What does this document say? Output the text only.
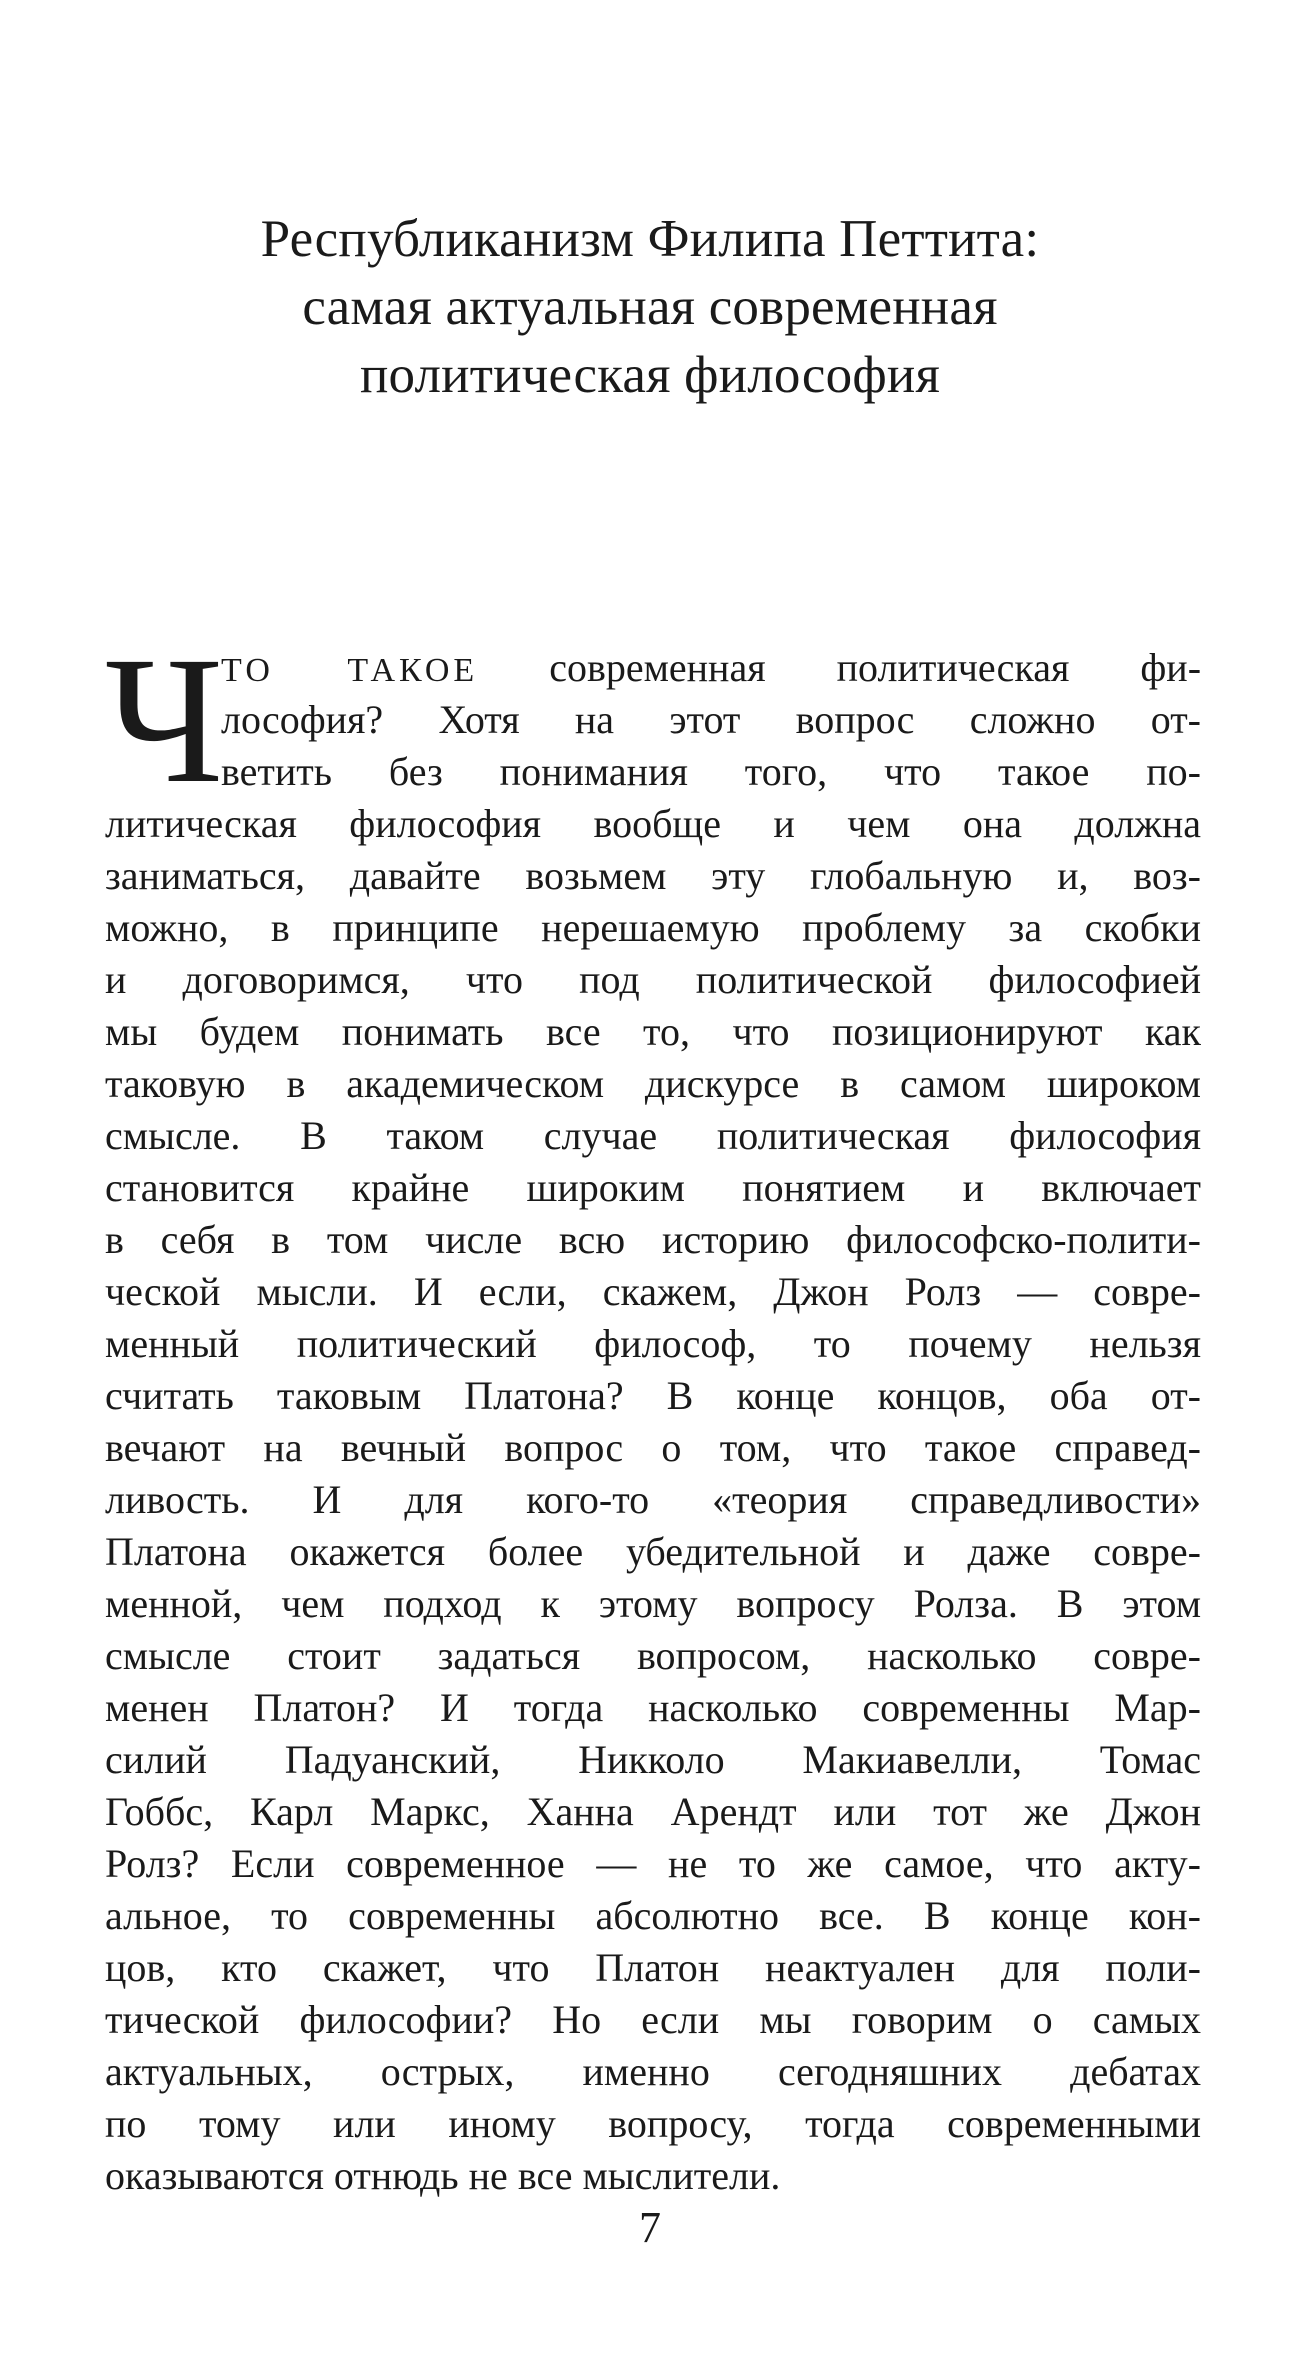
Республиканизм Филипа Петтита:
самая актуальная современная
политическая философия
Ч
ТО ТАКОЕ современная политическая фи-
лософия? Хотя на этот вопрос сложно от-
ветить без понимания того, что такое по-
литическая философия вообще и чем она должна
заниматься, давайте возьмем эту глобальную и, воз-
можно, в принципе нерешаемую проблему за скобки
и договоримся, что под политической философией
мы будем понимать все то, что позиционируют как
таковую в академическом дискурсе в самом широком
смысле. В таком случае политическая философия
становится крайне широким понятием и включает
в себя в том числе всю историю философско-полити-
ческой мысли. И если, скажем, Джон Ролз — совре-
менный политический философ, то почему нельзя
считать таковым Платона? В конце концов, оба от-
вечают на вечный вопрос о том, что такое справед-
ливость. И для кого-то «теория справедливости»
Платона окажется более убедительной и даже совре-
менной, чем подход к этому вопросу Ролза. В этом
смысле стоит задаться вопросом, насколько совре-
менен Платон? И тогда насколько современны Мар-
силий Падуанский, Никколо Макиавелли, Томас
Гоббс, Карл Маркс, Ханна Арендт или тот же Джон
Ролз? Если современное — не то же самое, что акту-
альное, то современны абсолютно все. В конце кон-
цов, кто скажет, что Платон неактуален для поли-
тической философии? Но если мы говорим о самых
актуальных, острых, именно сегодняшних дебатах
по тому или иному вопросу, тогда современными
оказываются отнюдь не все мыслители.
7
